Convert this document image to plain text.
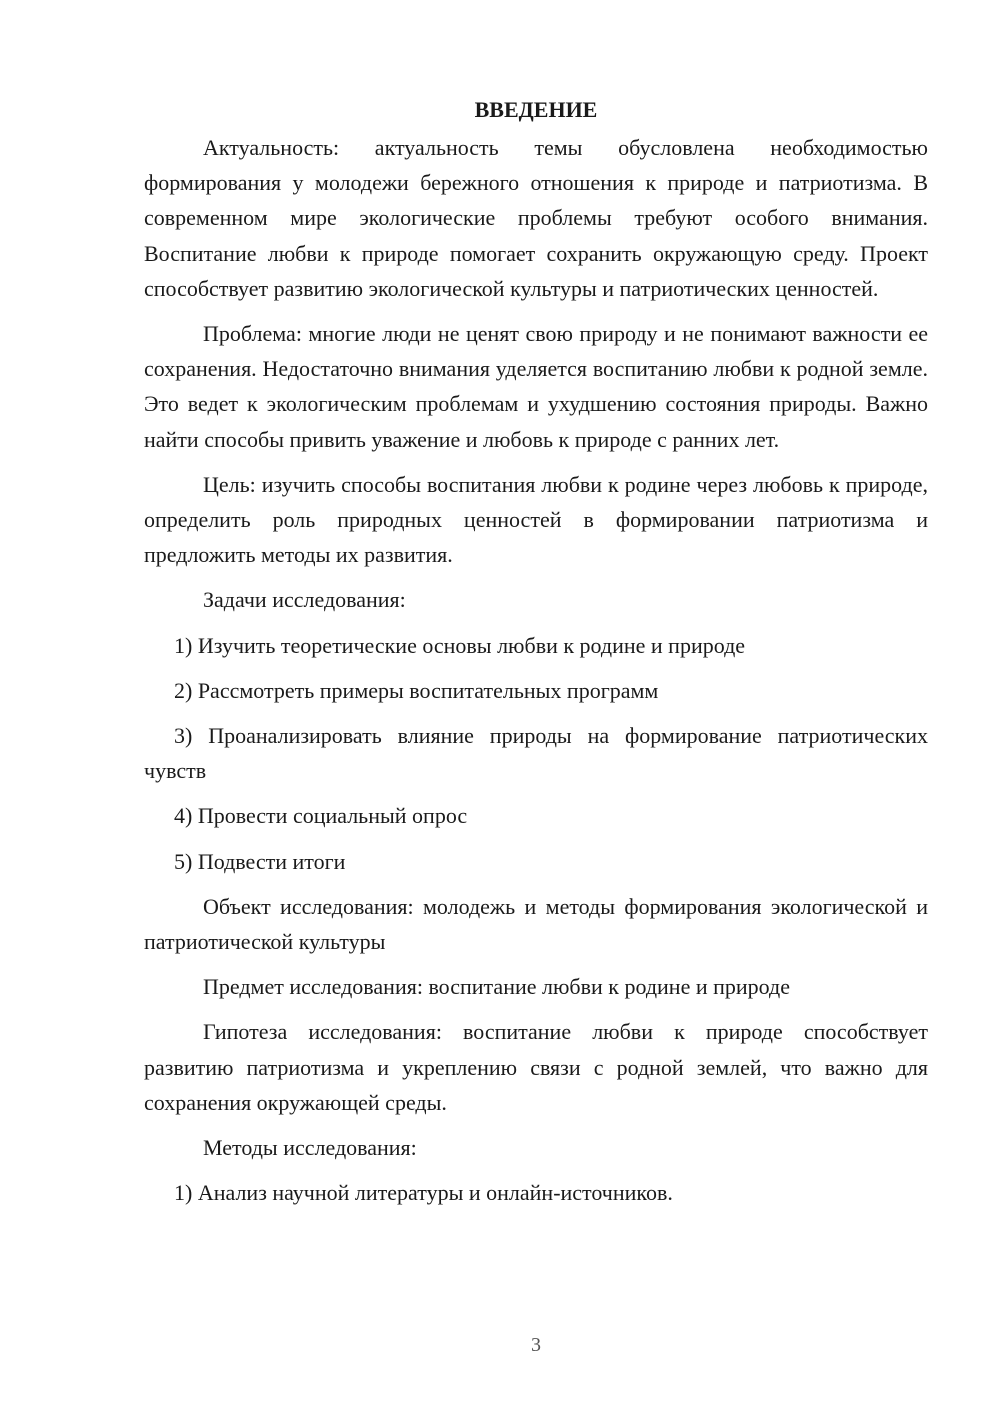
ВВЕДЕНИЕ

Актуальность: актуальность темы обусловлена необходимостью формирования у молодежи бережного отношения к природе и патриотизма. В современном мире экологические проблемы требуют особого внимания. Воспитание любви к природе помогает сохранить окружающую среду. Проект способствует развитию экологической культуры и патриотических ценностей.

Проблема: многие люди не ценят свою природу и не понимают важности ее сохранения. Недостаточно внимания уделяется воспитанию любви к родной земле. Это ведет к экологическим проблемам и ухудшению состояния природы. Важно найти способы привить уважение и любовь к природе с ранних лет.

Цель: изучить способы воспитания любви к родине через любовь к природе, определить роль природных ценностей в формировании патриотизма и предложить методы их развития.

Задачи исследования:

1) Изучить теоретические основы любви к родине и природе

2) Рассмотреть примеры воспитательных программ

3) Проанализировать влияние природы на формирование патриотических чувств

4) Провести социальный опрос

5) Подвести итоги

Объект исследования: молодежь и методы формирования экологической и патриотической культуры

Предмет исследования: воспитание любви к родине и природе

Гипотеза исследования: воспитание любви к природе способствует развитию патриотизма и укреплению связи с родной землей, что важно для сохранения окружающей среды.

Методы исследования:

1) Анализ научной литературы и онлайн-источников.

3
